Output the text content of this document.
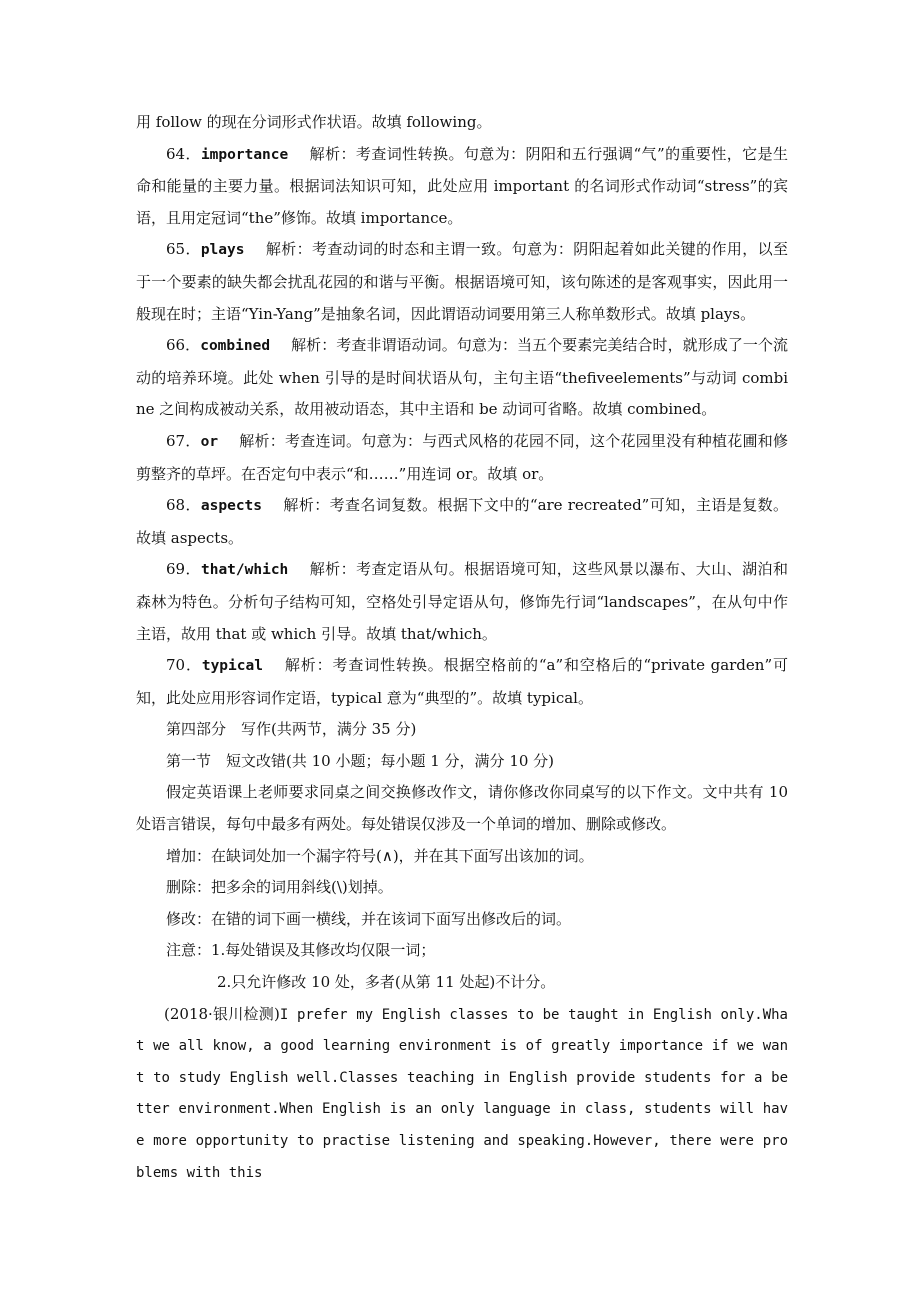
用 follow 的现在分词形式作状语。故填 following。

64．importance 解析：考查词性转换。句意为：阴阳和五行强调“气”的重要性，它是生命和能量的主要力量。根据词法知识可知，此处应用 important 的名词形式作动词“stress”的宾语，且用定冠词“the”修饰。故填 importance。

65．plays 解析：考查动词的时态和主谓一致。句意为：阴阳起着如此关键的作用，以至于一个要素的缺失都会扰乱花园的和谐与平衡。根据语境可知，该句陈述的是客观事实，因此用一般现在时；主语“Yin-Yang”是抽象名词，因此谓语动词要用第三人称单数形式。故填 plays。

66．combined 解析：考查非谓语动词。句意为：当五个要素完美结合时，就形成了一个流动的培养环境。此处 when 引导的是时间状语从句，主句主语“thefiveelements”与动词 combine 之间构成被动关系，故用被动语态，其中主语和 be 动词可省略。故填 combined。

67．or 解析：考查连词。句意为：与西式风格的花园不同，这个花园里没有种植花圃和修剪整齐的草坪。在否定句中表示“和……”用连词 or。故填 or。

68．aspects 解析：考查名词复数。根据下文中的“are recreated”可知，主语是复数。故填 aspects。

69．that/which 解析：考查定语从句。根据语境可知，这些风景以瀑布、大山、湖泊和森林为特色。分析句子结构可知，空格处引导定语从句，修饰先行词“landscapes”，在从句中作主语，故用 that 或 which 引导。故填 that/which。

70．typical 解析：考查词性转换。根据空格前的“a”和空格后的“private garden”可知，此处应用形容词作定语，typical 意为“典型的”。故填 typical。

第四部分　写作(共两节，满分 35 分)

第一节　短文改错(共 10 小题；每小题 1 分，满分 10 分)

假定英语课上老师要求同桌之间交换修改作文，请你修改你同桌写的以下作文。文中共有 10 处语言错误，每句中最多有两处。每处错误仅涉及一个单词的增加、删除或修改。

增加：在缺词处加一个漏字符号(∧)，并在其下面写出该加的词。

删除：把多余的词用斜线(\)划掉。

修改：在错的词下画一横线，并在该词下面写出修改后的词。

注意：1.每处错误及其修改均仅限一词；

2.只允许修改 10 处，多者(从第 11 处起)不计分。

(2018·银川检测)I prefer my English classes to be taught in English only.What we all know, a good learning environment is of greatly importance if we want to study English well.Classes teaching in English provide students for a better environment.When English is an only language in class, students will have more opportunity to practise listening and speaking.However, there were problems with this
